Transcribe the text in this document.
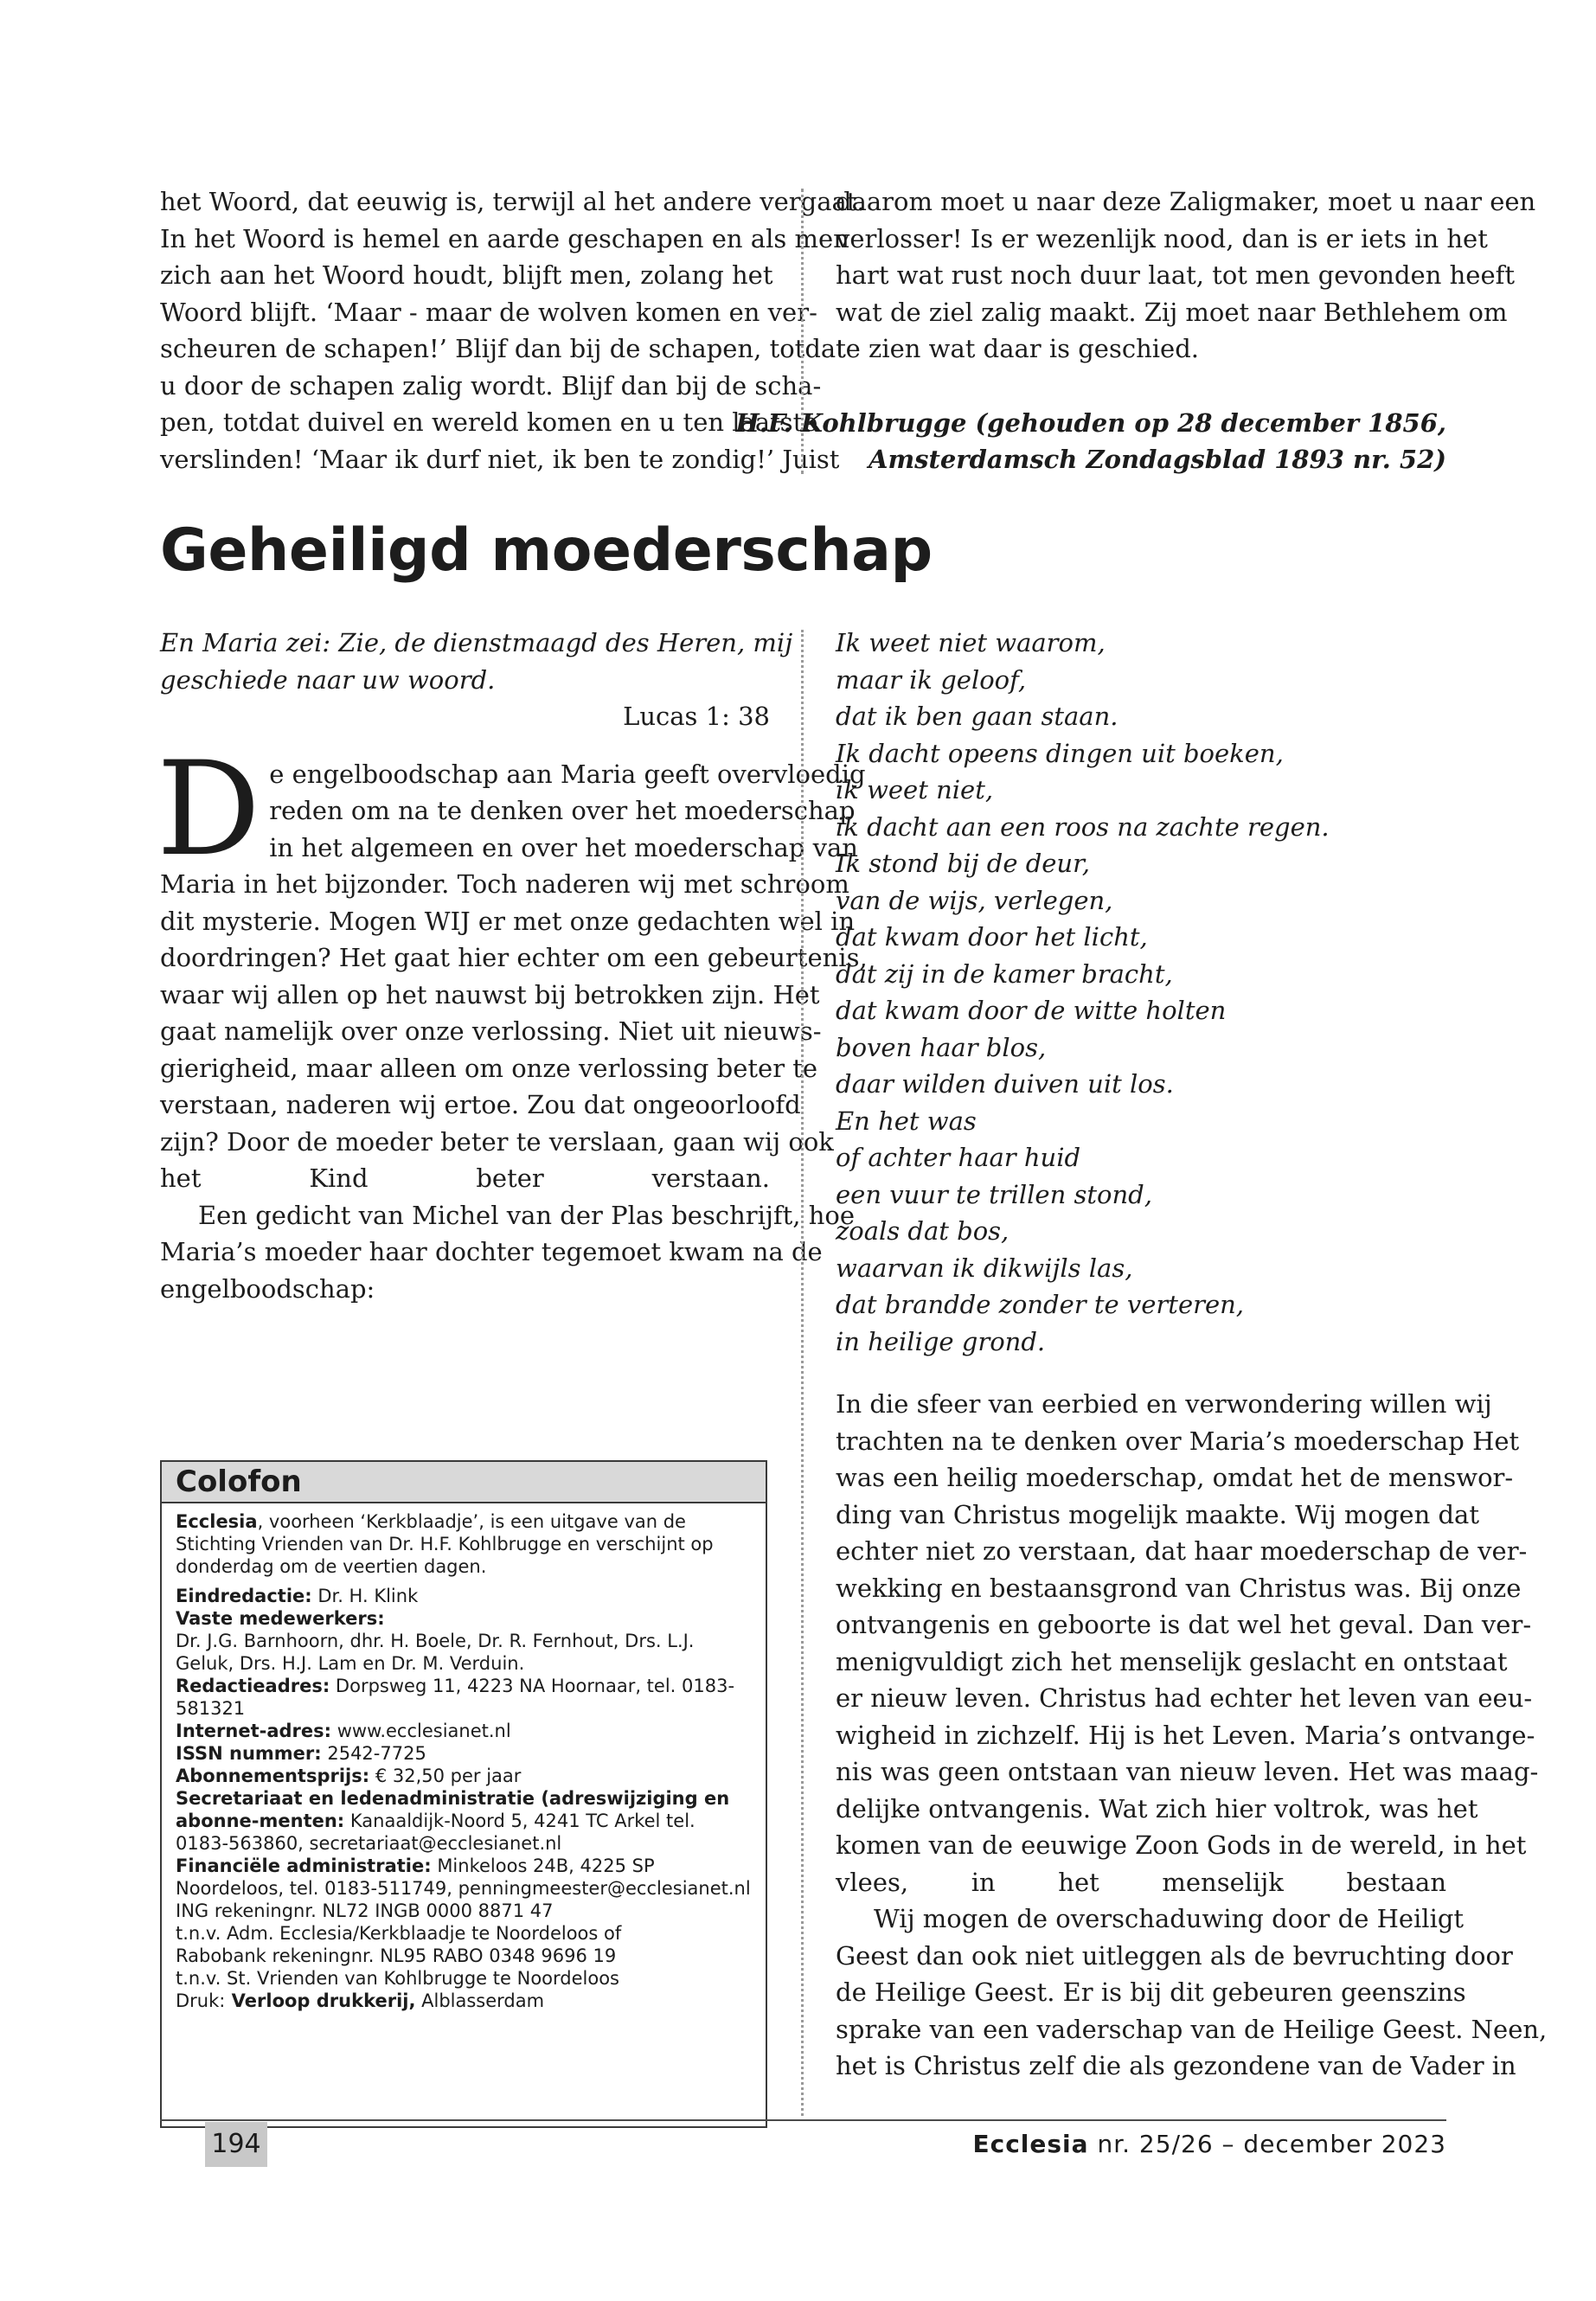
het Woord, dat eeuwig is, terwijl al het andere vergaat.
In het Woord is hemel en aarde geschapen en als men
zich aan het Woord houdt, blijft men, zolang het
Woord blijft. ‘Maar - maar de wolven komen en ver-
scheuren de schapen!’ Blijf dan bij de schapen, totdat
u door de schapen zalig wordt. Blijf dan bij de scha-
pen, totdat duivel en wereld komen en u ten laatste
verslinden! ‘Maar ik durf niet, ik ben te zondig!’ Juist
daarom moet u naar deze Zaligmaker, moet u naar een
verlosser! Is er wezenlijk nood, dan is er iets in het
hart wat rust noch duur laat, tot men gevonden heeft
wat de ziel zalig maakt. Zij moet naar Bethlehem om
te zien wat daar is geschied.
H.F. Kohlbrugge (gehouden op 28 december 1856,
Amsterdamsch Zondagsblad 1893 nr. 52)
Geheiligd moederschap
En Maria zei: Zie, de dienstmaagd des Heren, mij
geschiede naar uw woord.
Lucas 1: 38
D e engelboodschap aan Maria geeft overvloedig
reden om na te denken over het moederschap
in het algemeen en over het moederschap van
Maria in het bijzonder. Toch naderen wij met schroom
dit mysterie. Mogen WIJ er met onze gedachten wel in
doordringen? Het gaat hier echter om een gebeurtenis,
waar wij allen op het nauwst bij betrokken zijn. Het
gaat namelijk over onze verlossing. Niet uit nieuws-
gierigheid, maar alleen om onze verlossing beter te
verstaan, naderen wij ertoe. Zou dat ongeoorloofd
zijn? Door de moeder beter te verslaan, gaan wij ook
het Kind beter verstaan.
Een gedicht van Michel van der Plas beschrijft, hoe
Maria’s moeder haar dochter tegemoet kwam na de
engelboodschap:
Ik weet niet waarom,
maar ik geloof,
dat ik ben gaan staan.
Ik dacht opeens dingen uit boeken,
ik weet niet,
ik dacht aan een roos na zachte regen.
Ik stond bij de deur,
van de wijs, verlegen,
dat kwam door het licht,
dat zij in de kamer bracht,
dat kwam door de witte holten
boven haar blos,
daar wilden duiven uit los.
En het was
of achter haar huid
een vuur te trillen stond,
zoals dat bos,
waarvan ik dikwijls las,
dat brandde zonder te verteren,
in heilige grond.
In die sfeer van eerbied en verwondering willen wij
trachten na te denken over Maria’s moederschap Het
was een heilig moederschap, omdat het de menswor-
ding van Christus mogelijk maakte. Wij mogen dat
echter niet zo verstaan, dat haar moederschap de ver-
wekking en bestaansgrond van Christus was. Bij onze
ontvangenis en geboorte is dat wel het geval. Dan ver-
menigvuldigt zich het menselijk geslacht en ontstaat
er nieuw leven. Christus had echter het leven van eeu-
wigheid in zichzelf. Hij is het Leven. Maria’s ontvange-
nis was geen ontstaan van nieuw leven. Het was maag-
delijke ontvangenis. Wat zich hier voltrok, was het
komen van de eeuwige Zoon Gods in de wereld, in het
vlees, in het menselijk bestaan
Wij mogen de overschaduwing door de Heiligt
Geest dan ook niet uitleggen als de bevruchting door
de Heilige Geest. Er is bij dit gebeuren geenszins
sprake van een vaderschap van de Heilige Geest. Neen,
het is Christus zelf die als gezondene van de Vader in
Colofon

Ecclesia, voorheen ‘Kerkblaadje’, is een uitgave van de Stichting Vrienden van Dr. H.F. Kohlbrugge en verschijnt op donderdag om de veertien dagen.

Eindredactie: Dr. H. Klink

Vaste medewerkers:
Dr. J.G. Barnhoorn, dhr. H. Boele, Dr. R. Fernhout, Drs. L.J. Geluk, Drs. H.J. Lam en Dr. M. Verduin.

Redactieadres: Dorpsweg 11, 4223 NA Hoornaar, tel. 0183-581321

Internet-adres: www.ecclesianet.nl

ISSN nummer: 2542-7725

Abonnementsprijs: € 32,50 per jaar

Secretariaat en ledenadministratie (adreswijziging en abonne-menten: Kanaaldijk-Noord 5, 4241 TC Arkel tel. 0183-563860, secretariaat@ecclesianet.nl

Financiële administratie: Minkeloos 24B, 4225 SP Noordeloos, tel. 0183-511749, penningmeester@ecclesianet.nl

ING rekeningnr. NL72 INGB 0000 8871 47

t.n.v. Adm. Ecclesia/Kerkblaadje te Noordeloos of

Rabobank rekeningnr. NL95 RABO 0348 9696 19

t.n.v. St. Vrienden van Kohlbrugge te Noordeloos

Druk: Verloop drukkerij, Alblasserdam

194	Ecclesia nr. 25/26 – december 2023
